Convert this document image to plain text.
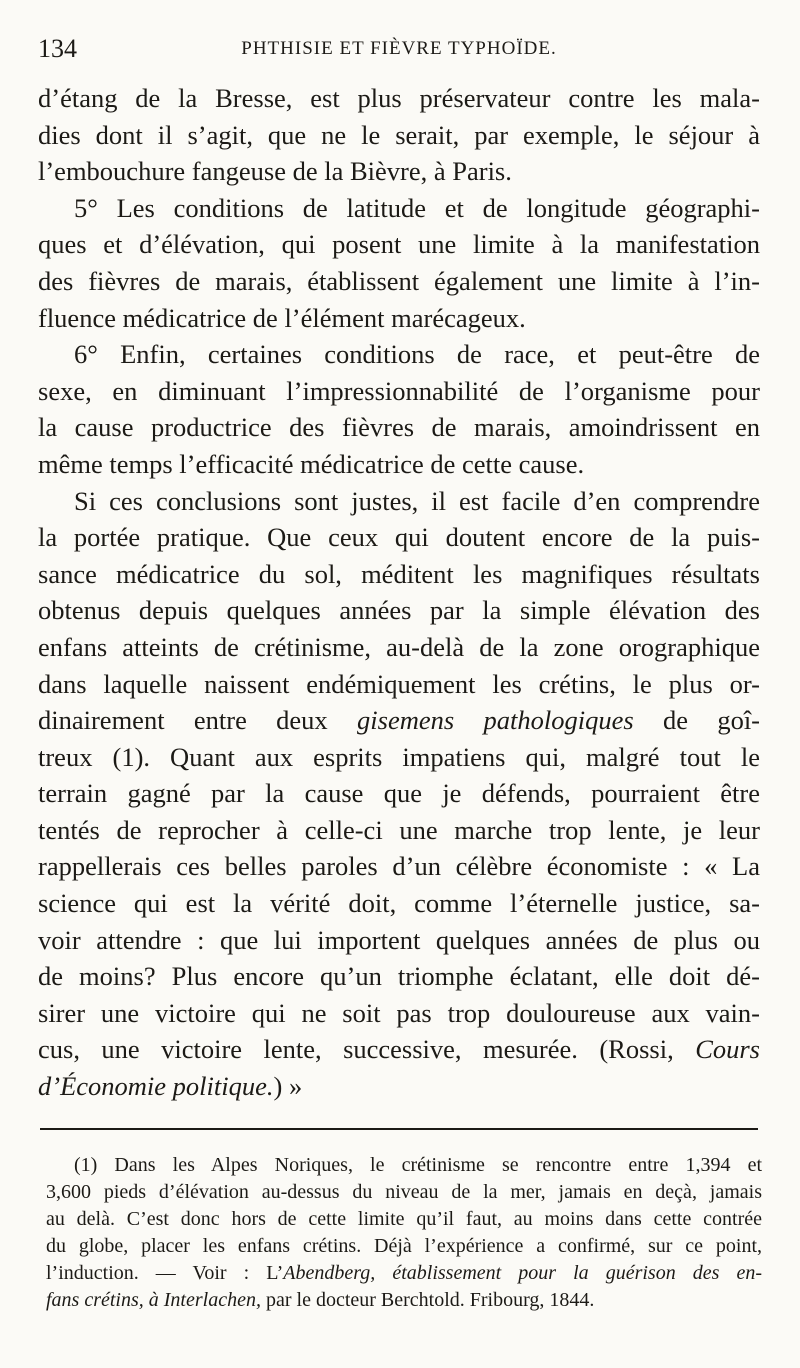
134	PHTHISIE ET FIÈVRE TYPHOÏDE.
d’étang de la Bresse, est plus préservateur contre les mala-
dies dont il s’agit, que ne le serait, par exemple, le séjour à
l’embouchure fangeuse de la Bièvre, à Paris.
5° Les conditions de latitude et de longitude géographi-
ques et d’élévation, qui posent une limite à la manifestation
des fièvres de marais, établissent également une limite à l’in-
fluence médicatrice de l’élément marécageux.
6° Enfin, certaines conditions de race, et peut-être de
sexe, en diminuant l’impressionnabilité de l’organisme pour
la cause productrice des fièvres de marais, amoindrissent en
même temps l’efficacité médicatrice de cette cause.
Si ces conclusions sont justes, il est facile d’en comprendre
la portée pratique. Que ceux qui doutent encore de la puis-
sance médicatrice du sol, méditent les magnifiques résultats
obtenus depuis quelques années par la simple élévation des
enfans atteints de crétinisme, au-delà de la zone orographique
dans laquelle naissent endémiquement les crétins, le plus or-
dinairement entre deux gisemens pathologiques de goî-
treux (1). Quant aux esprits impatiens qui, malgré tout le
terrain gagné par la cause que je défends, pourraient être
tentés de reprocher à celle-ci une marche trop lente, je leur
rappellerais ces belles paroles d’un célèbre économiste : « La
science qui est la vérité doit, comme l’éternelle justice, sa-
voir attendre : que lui importent quelques années de plus ou
de moins? Plus encore qu’un triomphe éclatant, elle doit dé-
sirer une victoire qui ne soit pas trop douloureuse aux vain-
cus, une victoire lente, successive, mesurée. (Rossi, Cours
d’Économie politique.) »
(1) Dans les Alpes Noriques, le crétinisme se rencontre entre 1,394 et
3,600 pieds d’élévation au-dessus du niveau de la mer, jamais en deçà, jamais
au delà. C’est donc hors de cette limite qu’il faut, au moins dans cette contrée
du globe, placer les enfans crétins. Déjà l’expérience a confirmé, sur ce point,
l’induction. — Voir : L’Abendberg, établissement pour la guérison des en-
fans crétins, à Interlachen, par le docteur Berchtold. Fribourg, 1844.
